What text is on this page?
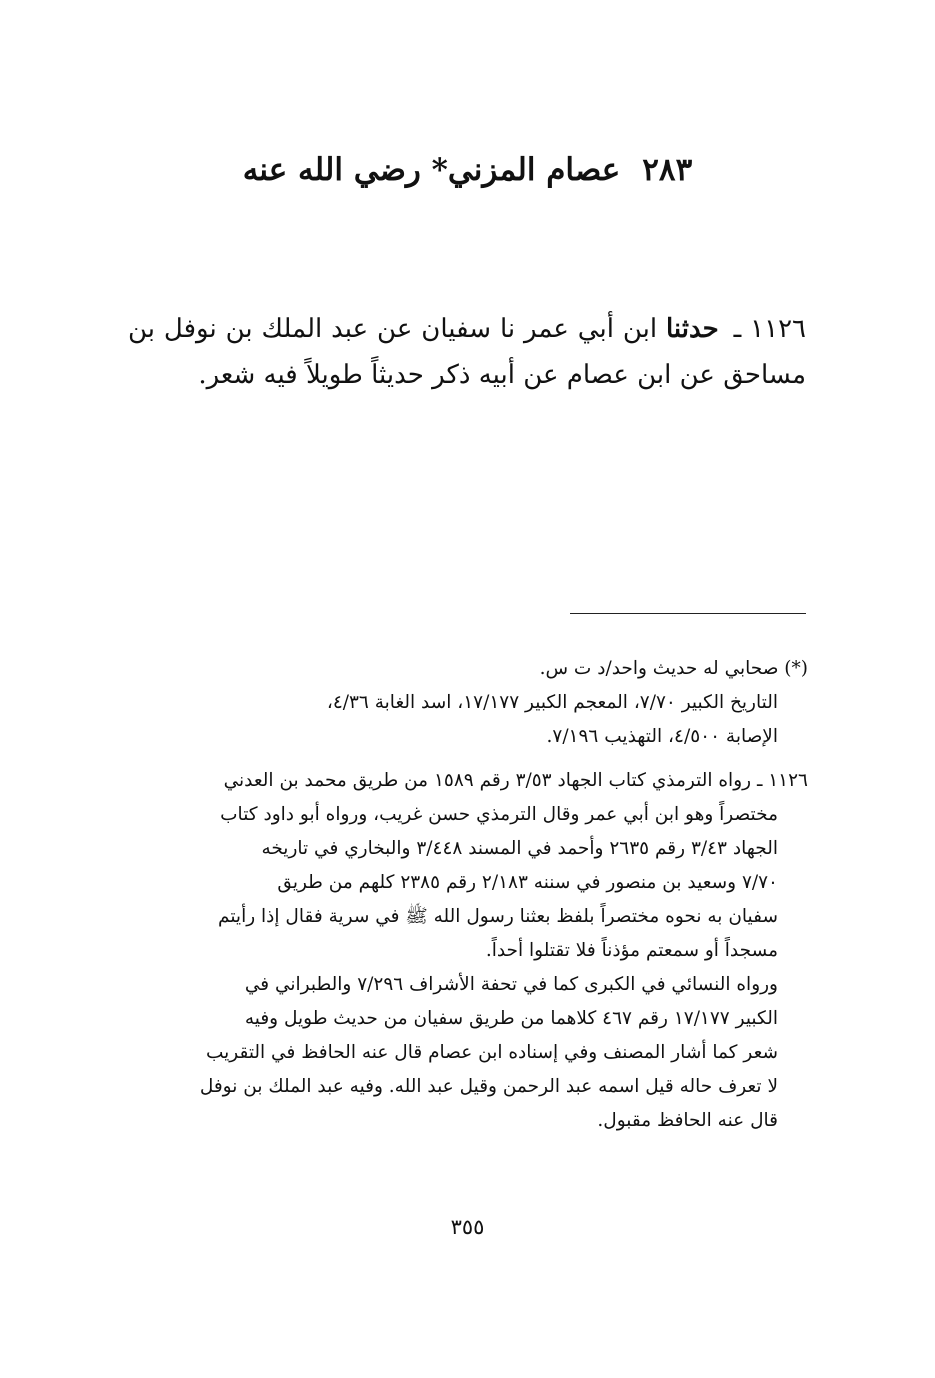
٢٨٣عصام المزني* رضي الله عنه
١١٢٦ ـ حدثنا ابن أبي عمر نا سفيان عن عبد الملك بن نوفل بن مساحق عن ابن عصام عن أبيه ذكر حديثاً طويلاً فيه شعر.
(*) صحابي له حديث واحد/د ت س.
التاريخ الكبير ٧/٧٠، المعجم الكبير ١٧/١٧٧، اسد الغابة ٤/٣٦،
الإصابة ٤/٥٠٠، التهذيب ٧/١٩٦.
١١٢٦ ـ رواه الترمذي كتاب الجهاد ٣/٥٣ رقم ١٥٨٩ من طريق محمد بن العدني
مختصراً وهو ابن أبي عمر وقال الترمذي حسن غريب، ورواه أبو داود كتاب
الجهاد ٣/٤٣ رقم ٢٦٣٥ وأحمد في المسند ٣/٤٤٨ والبخاري في تاريخه
٧/٧٠ وسعيد بن منصور في سننه ٢/١٨٣ رقم ٢٣٨٥ كلهم من طريق
سفيان به نحوه مختصراً بلفظ بعثنا رسول الله ﷺ في سرية فقال إذا رأيتم
مسجداً أو سمعتم مؤذناً فلا تقتلوا أحداً.
ورواه النسائي في الكبرى كما في تحفة الأشراف ٧/٢٩٦ والطبراني في
الكبير ١٧/١٧٧ رقم ٤٦٧ كلاهما من طريق سفيان من حديث طويل وفيه
شعر كما أشار المصنف وفي إسناده ابن عصام قال عنه الحافظ في التقريب
لا تعرف حاله قيل اسمه عبد الرحمن وقيل عبد الله. وفيه عبد الملك بن نوفل
قال عنه الحافظ مقبول.
٣٥٥
